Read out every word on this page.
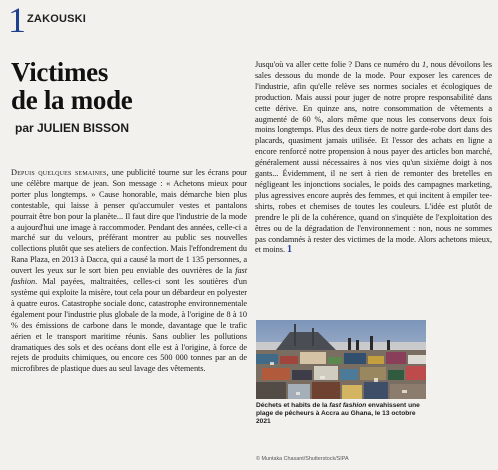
1 ZAKOUSKI
Victimes
de la mode
par JULIEN BISSON

Depuis quelques semaines, une publicité tourne sur les écrans pour une célèbre marque de jean. Son message : « Achetons mieux pour porter plus longtemps. » Cause honorable, mais démarche bien plus contestable, qui laisse à penser qu'accumuler vestes et pantalons pourrait être bon pour la planète... Il faut dire que l'industrie de la mode a aujourd'hui une image à raccommoder. Pendant des années, celle-ci a marché sur du velours, préférant montrer au public ses nouvelles collections plutôt que ses ateliers de confection. Mais l'effondrement du Rana Plaza, en 2013 à Dacca, qui a causé la mort de 1 135 personnes, a ouvert les yeux sur le sort bien peu enviable des ouvrières de la fast fashion. Mal payées, maltraitées, celles-ci sont les soutières d'un système qui exploite la misère, tout cela pour un débardeur en polyester à quatre euros. Catastrophe sociale donc, catastrophe environnementale également pour l'industrie plus globale de la mode, à l'origine de 8 à 10 % des émissions de carbone dans le monde, davantage que le trafic aérien et le transport maritime réunis. Sans oublier les pollutions dramatiques des sols et des océans dont elle est à l'origine, à force de rejets de produits chimiques, ou encore ces 500 000 tonnes par an de microfibres de plastique dues au seul lavage des vêtements.

Jusqu'où va aller cette folie ? Dans ce numéro du 1, nous dévoilons les sales dessous du monde de la mode. Pour exposer les carences de l'industrie, afin qu'elle relève ses normes sociales et écologiques de production. Mais aussi pour juger de notre propre responsabilité dans cette dérive. En quinze ans, notre consommation de vêtements a augmenté de 60 %, alors même que nous les conservons deux fois moins longtemps. Plus des deux tiers de notre garde-robe dort dans des placards, quasiment jamais utilisée. Et l'essor des achats en ligne a encore renforcé notre propension à nous payer des articles bon marché, généralement aussi nécessaires à nos vies qu'un sixième doigt à nos gants... Évidemment, il ne sert à rien de remonter des bretelles en négligeant les injonctions sociales, le poids des campagnes marketing, plus agressives encore auprès des femmes, et qui incitent à empiler tee-shirts, robes et chemises de toutes les couleurs. L'idée est plutôt de prendre le pli de la cohérence, quand on s'inquiète de l'exploitation des êtres ou de la dégradation de l'environnement : non, nous ne sommes pas condamnés à rester des victimes de la mode. Alors achetons mieux, et moins. 1

Déchets et habits de la fast fashion envahissent une plage de pêcheurs à Accra au Ghana, le 13 octobre 2021
© Muntaka Chasant/Shutterstock/SIPA
